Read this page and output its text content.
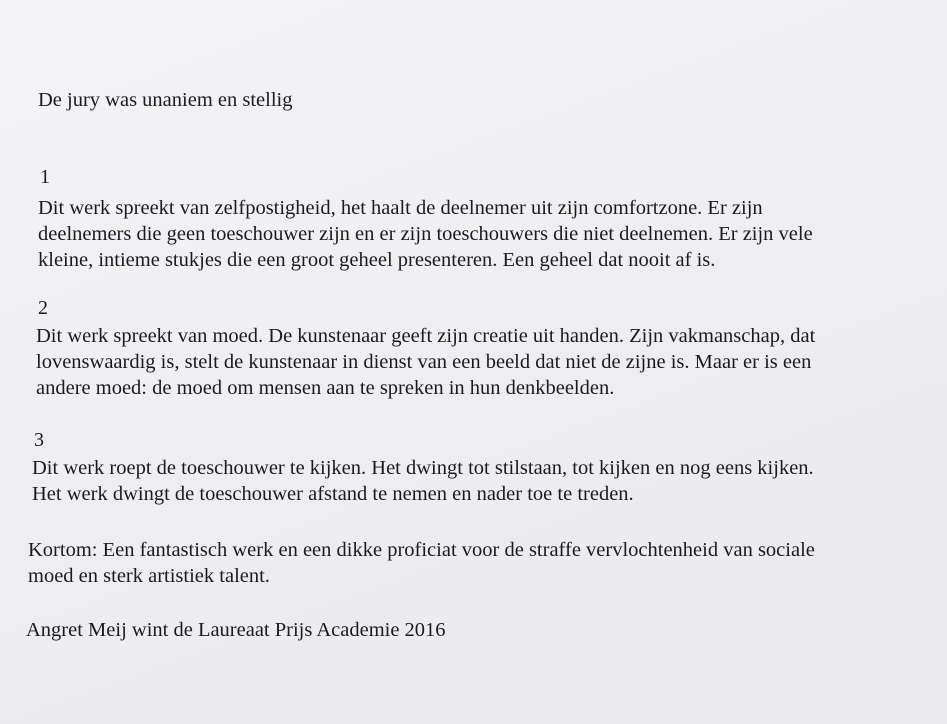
De jury was unaniem en stellig

1

Dit werk spreekt van zelfpostigheid, het haalt de deelnemer uit zijn comfortzone. Er zijn

deelnemers die geen toeschouwer zijn en er zijn toeschouwers die niet deelnemen. Er zijn vele

kleine, intieme stukjes die een groot geheel presenteren. Een geheel dat nooit af is.

2

Dit werk spreekt van moed. De kunstenaar geeft zijn creatie uit handen. Zijn vakmanschap, dat

lovenswaardig is, stelt de kunstenaar in dienst van een beeld dat niet de zijne is. Maar er is een

andere moed: de moed om mensen aan te spreken in hun denkbeelden.

3

Dit werk roept de toeschouwer te kijken. Het dwingt tot stilstaan, tot kijken en nog eens kijken.

Het werk dwingt de toeschouwer afstand te nemen en nader toe te treden.

Kortom: Een fantastisch werk en een dikke proficiat voor de straffe vervlochtenheid van sociale

moed en sterk artistiek talent.

Angret Meij wint de Laureaat Prijs Academie 2016
